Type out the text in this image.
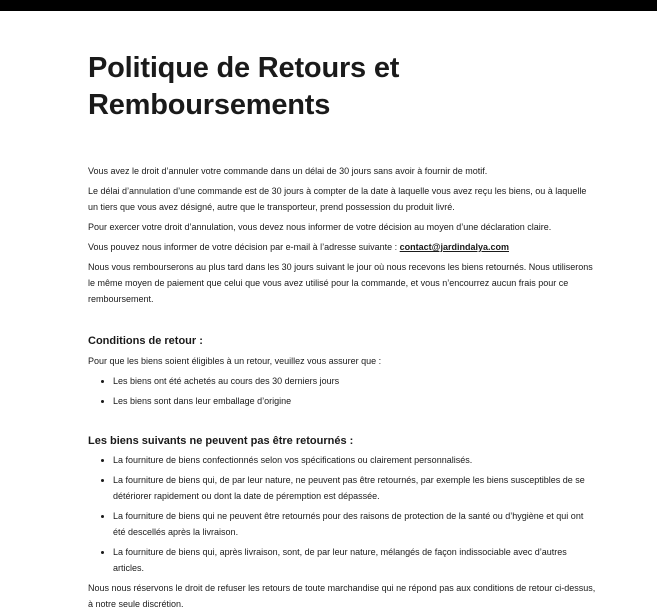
Politique de Retours et Remboursements

Vous avez le droit d’annuler votre commande dans un délai de 30 jours sans avoir à fournir de motif.

Le délai d’annulation d’une commande est de 30 jours à compter de la date à laquelle vous avez reçu les biens, ou à laquelle un tiers que vous avez désigné, autre que le transporteur, prend possession du produit livré.

Pour exercer votre droit d’annulation, vous devez nous informer de votre décision au moyen d’une déclaration claire.

Vous pouvez nous informer de votre décision par e-mail à l’adresse suivante : contact@jardindalya.com

Nous vous rembourserons au plus tard dans les 30 jours suivant le jour où nous recevons les biens retournés. Nous utiliserons le même moyen de paiement que celui que vous avez utilisé pour la commande, et vous n’encourrez aucun frais pour ce remboursement.

Conditions de retour :

Pour que les biens soient éligibles à un retour, veuillez vous assurer que :

• Les biens ont été achetés au cours des 30 derniers jours
• Les biens sont dans leur emballage d’origine
Les biens suivants ne peuvent pas être retournés :
• La fourniture de biens confectionnés selon vos spécifications ou clairement personnalisés.
• La fourniture de biens qui, de par leur nature, ne peuvent pas être retournés, par exemple les biens susceptibles de se détériorer rapidement ou dont la date de péremption est dépassée.
• La fourniture de biens qui ne peuvent être retournés pour des raisons de protection de la santé ou d’hygiène et qui ont été descellés après la livraison.
• La fourniture de biens qui, après livraison, sont, de par leur nature, mélangés de façon indissociable avec d’autres articles.

Nous nous réservons le droit de refuser les retours de toute marchandise qui ne répond pas aux conditions de retour ci-dessus, à notre seule discrétion.
